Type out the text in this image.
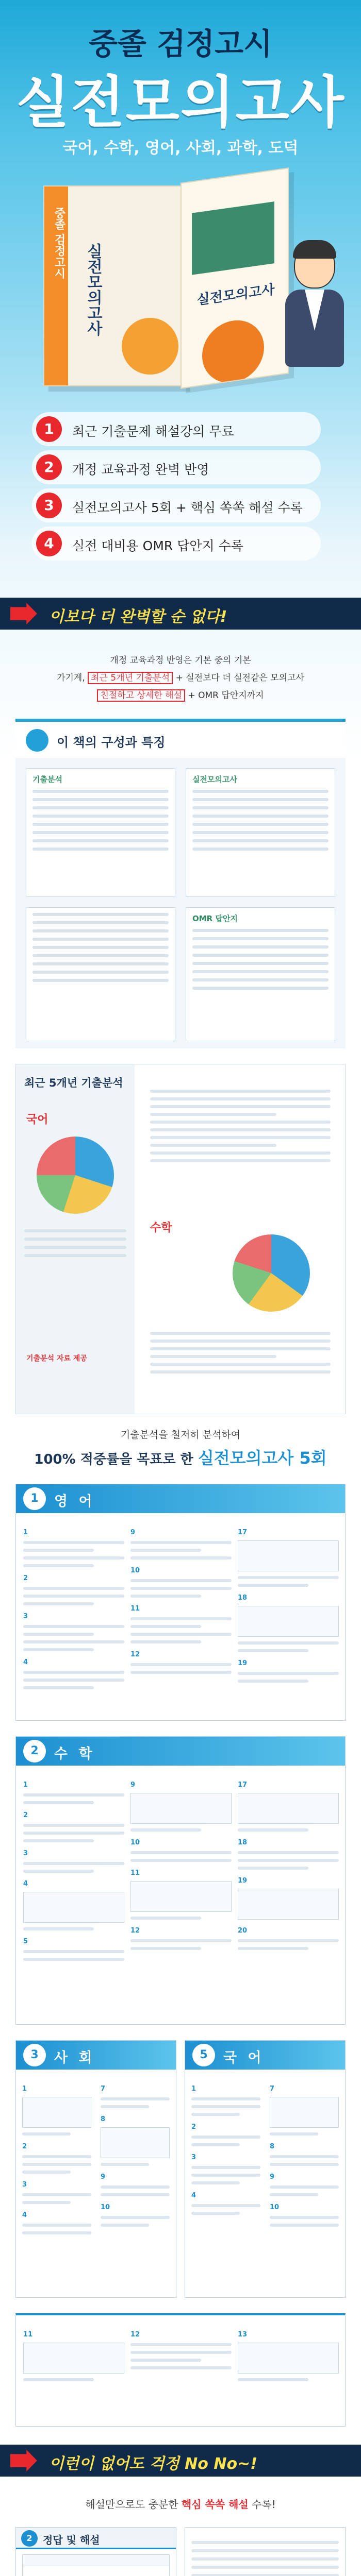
중졸 검정고시
실전모의고사
국어, 수학, 영어, 사회, 과학, 도덕
중졸 검정고시
실전모의고사	실전모의고사
1	최근 기출문제 해설강의 무료
2	개정 교육과정 완벽 반영
3	실전모의고사 5회 + 핵심 쏙쏙 해설 수록
4	실전 대비용 OMR 답안지 수록
이보다 더 완벽할 순 없다!
개정 교육과정 반영은 기본 중의 기본
가기계, 최근 5개년 기출분석 + 실전보다 더 실전같은 모의고사
친절하고 상세한 해설 + OMR 답안지까지
이 책의 구성과 특징
기출분석	실전모의고사
OMR 답안지
최근 5개년 기출분석
국어
기출분석 자료 제공
수학
기출분석을 철저히 분석하여
100% 적중률을 목표로 한 실전모의고사 5회
1	영 어
1
2
3
4
9
10
11
12
17
18
19
2	수 학
1
2
3
4
5
9
10
11
12
17
18
19
20
3	사 회
1
2
3
4
7
8
9
10
5	국 어
1
2
3
4
7
8
9
10
11	12	13
이런이 없어도 걱정 No No~!
해설만으로도 충분한 핵심 쏙쏙 해설 수록!
2	정답 및 해설
